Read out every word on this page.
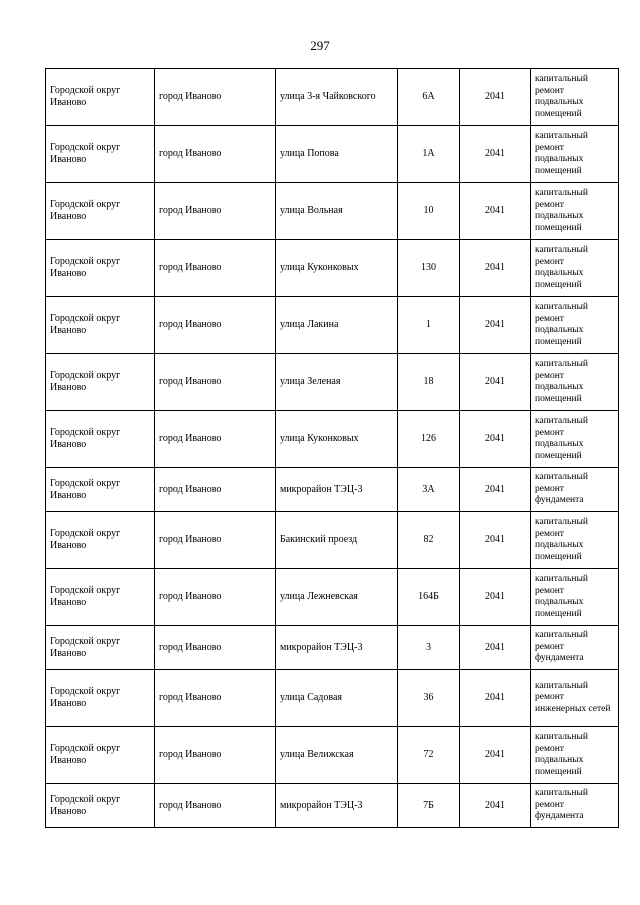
297
Городской округ Иваново	город Иваново	улица 3-я Чайковского	6А	2041	капитальный ремонт подвальных помещений
Городской округ Иваново	город Иваново	улица Попова	1А	2041	капитальный ремонт подвальных помещений
Городской округ Иваново	город Иваново	улица Вольная	10	2041	капитальный ремонт подвальных помещений
Городской округ Иваново	город Иваново	улица Куконковых	130	2041	капитальный ремонт подвальных помещений
Городской округ Иваново	город Иваново	улица Лакина	1	2041	капитальный ремонт подвальных помещений
Городской округ Иваново	город Иваново	улица Зеленая	18	2041	капитальный ремонт подвальных помещений
Городской округ Иваново	город Иваново	улица Куконковых	126	2041	капитальный ремонт подвальных помещений
Городской округ Иваново	город Иваново	микрорайон ТЭЦ-3	3А	2041	капитальный ремонт фундамента
Городской округ Иваново	город Иваново	Бакинский проезд	82	2041	капитальный ремонт подвальных помещений
Городской округ Иваново	город Иваново	улица Лежневская	164Б	2041	капитальный ремонт подвальных помещений
Городской округ Иваново	город Иваново	микрорайон ТЭЦ-3	3	2041	капитальный ремонт фундамента
Городской округ Иваново	город Иваново	улица Садовая	36	2041	капитальный ремонт инженерных сетей
Городской округ Иваново	город Иваново	улица Велижская	72	2041	капитальный ремонт подвальных помещений
Городской округ Иваново	город Иваново	микрорайон ТЭЦ-3	7Б	2041	капитальный ремонт фундамента
